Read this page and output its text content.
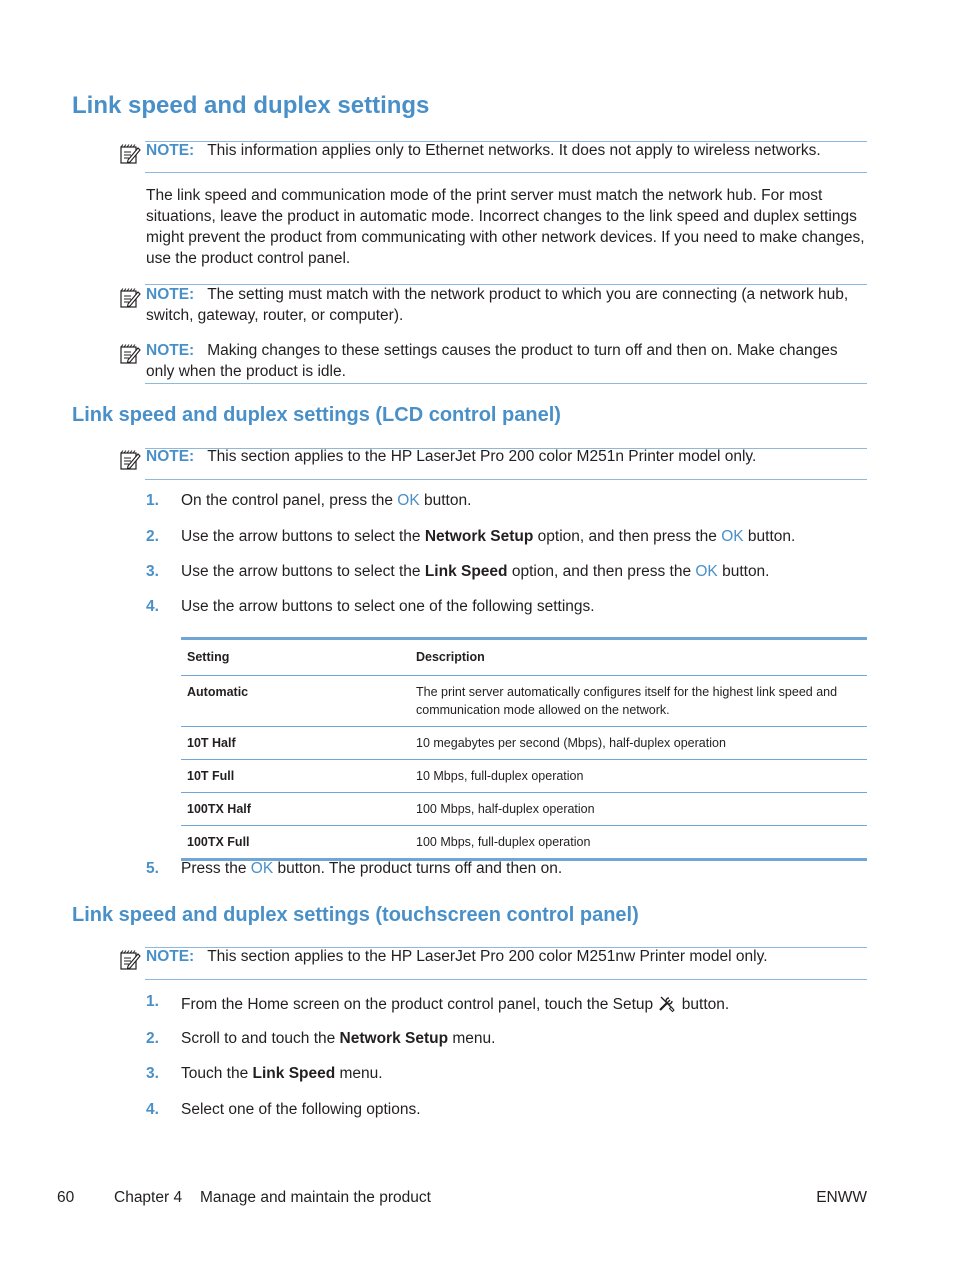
Link speed and duplex settings
NOTE: This information applies only to Ethernet networks. It does not apply to wireless networks.
The link speed and communication mode of the print server must match the network hub. For most situations, leave the product in automatic mode. Incorrect changes to the link speed and duplex settings might prevent the product from communicating with other network devices. If you need to make changes, use the product control panel.
NOTE: The setting must match with the network product to which you are connecting (a network hub, switch, gateway, router, or computer).
NOTE: Making changes to these settings causes the product to turn off and then on. Make changes only when the product is idle.
Link speed and duplex settings (LCD control panel)
NOTE: This section applies to the HP LaserJet Pro 200 color M251n Printer model only.
1. On the control panel, press the OK button.
2. Use the arrow buttons to select the Network Setup option, and then press the OK button.
3. Use the arrow buttons to select the Link Speed option, and then press the OK button.
4. Use the arrow buttons to select one of the following settings.
Setting	Description
Automatic	The print server automatically configures itself for the highest link speed and communication mode allowed on the network.
10T Half	10 megabytes per second (Mbps), half-duplex operation
10T Full	10 Mbps, full-duplex operation
100TX Half	100 Mbps, half-duplex operation
100TX Full	100 Mbps, full-duplex operation
5. Press the OK button. The product turns off and then on.
Link speed and duplex settings (touchscreen control panel)
NOTE: This section applies to the HP LaserJet Pro 200 color M251nw Printer model only.
1. From the Home screen on the product control panel, touch the Setup  button.
2. Scroll to and touch the Network Setup menu.
3. Touch the Link Speed menu.
4. Select one of the following options.
60	Chapter 4 Manage and maintain the product	ENWW
